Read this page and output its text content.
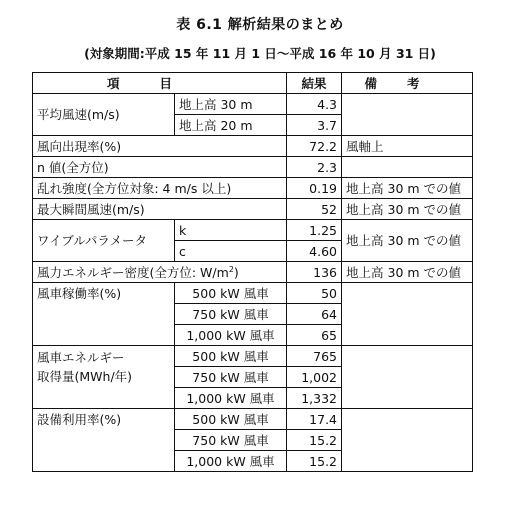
表 6.1 解析結果のまとめ
(対象期間:平成 15 年 11 月 1 日～平成 16 年 10 月 31 日)
項目		結果	備考
平均風速(m/s)	地上高 30 m	4.3	
	地上高 20 m	3.7	
風向出現率(%)		72.2	風軸上
n 値(全方位)		2.3	
乱れ強度(全方位対象: 4 m/s 以上)		0.19	地上高 30 m での値
最大瞬間風速(m/s)		52	地上高 30 m での値
ワイブルパラメータ	k	1.25	地上高 30 m での値
	c	4.60	
風力エネルギー密度(全方位: $W/m^2$)		136	地上高 30 m での値
風車稼働率(%)	500 kW 風車	50	
	750 kW 風車	64	
	1,000 kW 風車	65	

風車エネルギー
取得量(MWh/年)	500 kW 風車	765	
	750 kW 風車	1,002	
	1,000 kW 風車	1,332	
設備利用率(%)	500 kW 風車	17.4	
	750 kW 風車	15.2	
	1,000 kW 風車	15.2	
